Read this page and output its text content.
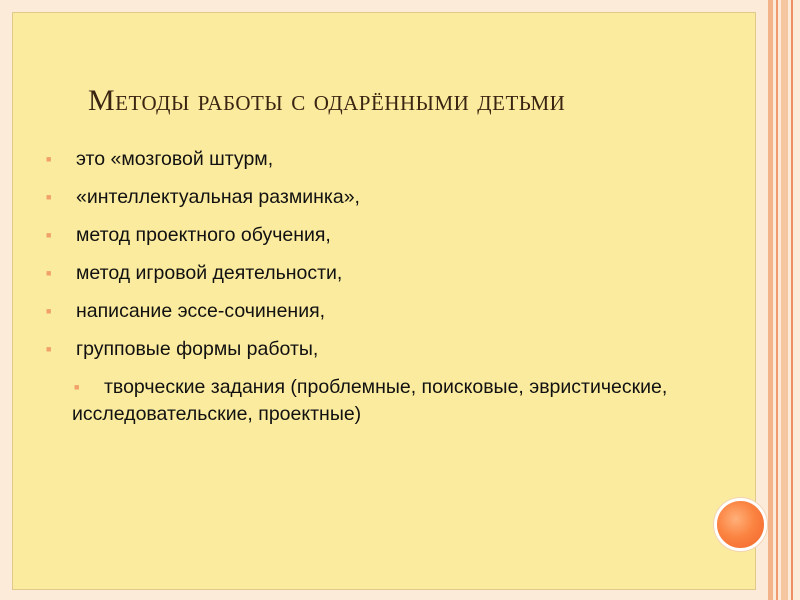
Методы работы с одарёнными детьми
■ это «мозговой штурм,
■ «интеллектуальная разминка»,
■ метод проектного обучения,
■ метод игровой деятельности,
■ написание эссе-сочинения,
■ групповые формы работы,
■ творческие задания (проблемные, поисковые, эвристические, исследовательские, проектные)
